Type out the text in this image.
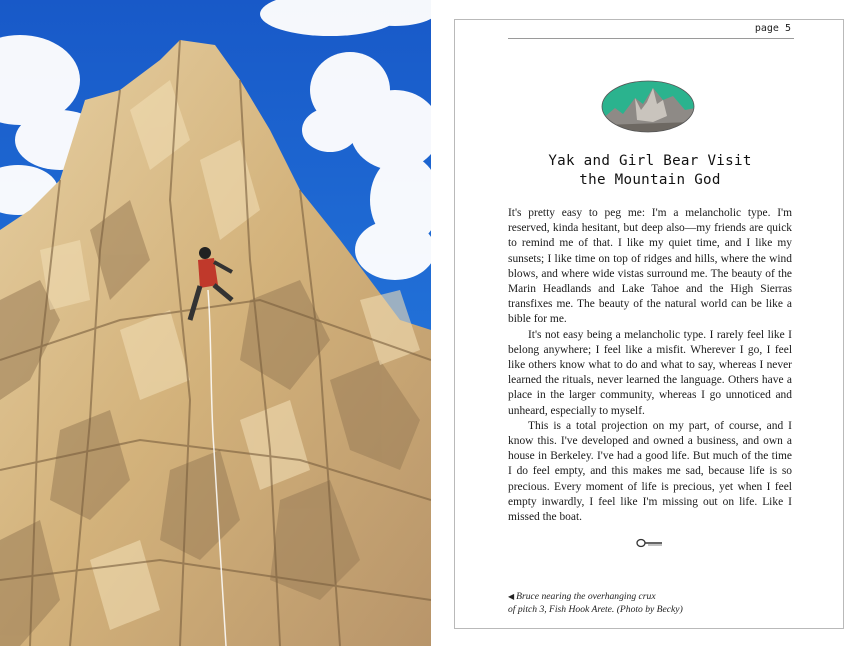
page 5
Yak and Girl Bear Visit
the Mountain God

It's pretty easy to peg me: I'm a melancholic type. I'm reserved, kinda hesitant, but deep also—my friends are quick to remind me of that. I like my quiet time, and I like my sunsets; I like time on top of ridges and hills, where the wind blows, and where wide vistas surround me. The beauty of the Marin Headlands and Lake Tahoe and the High Sierras transfixes me. The beauty of the natural world can be like a bible for me.

It's not easy being a melancholic type. I rarely feel like I belong anywhere; I feel like a misfit. Wherever I go, I feel like others know what to do and what to say, whereas I never learned the rituals, never learned the language. Others have a place in the larger community, whereas I go unnoticed and unheard, especially to myself.

This is a total projection on my part, of course, and I know this. I've developed and owned a business, and own a house in Berkeley. I've had a good life. But much of the time I do feel empty, and this makes me sad, because life is so precious. Every moment of life is precious, yet when I feel empty inwardly, I feel like I'm missing out on life. Like I missed the boat.

◀ Bruce nearing the overhanging crux
of pitch 3, Fish Hook Arete. (Photo by Becky)
